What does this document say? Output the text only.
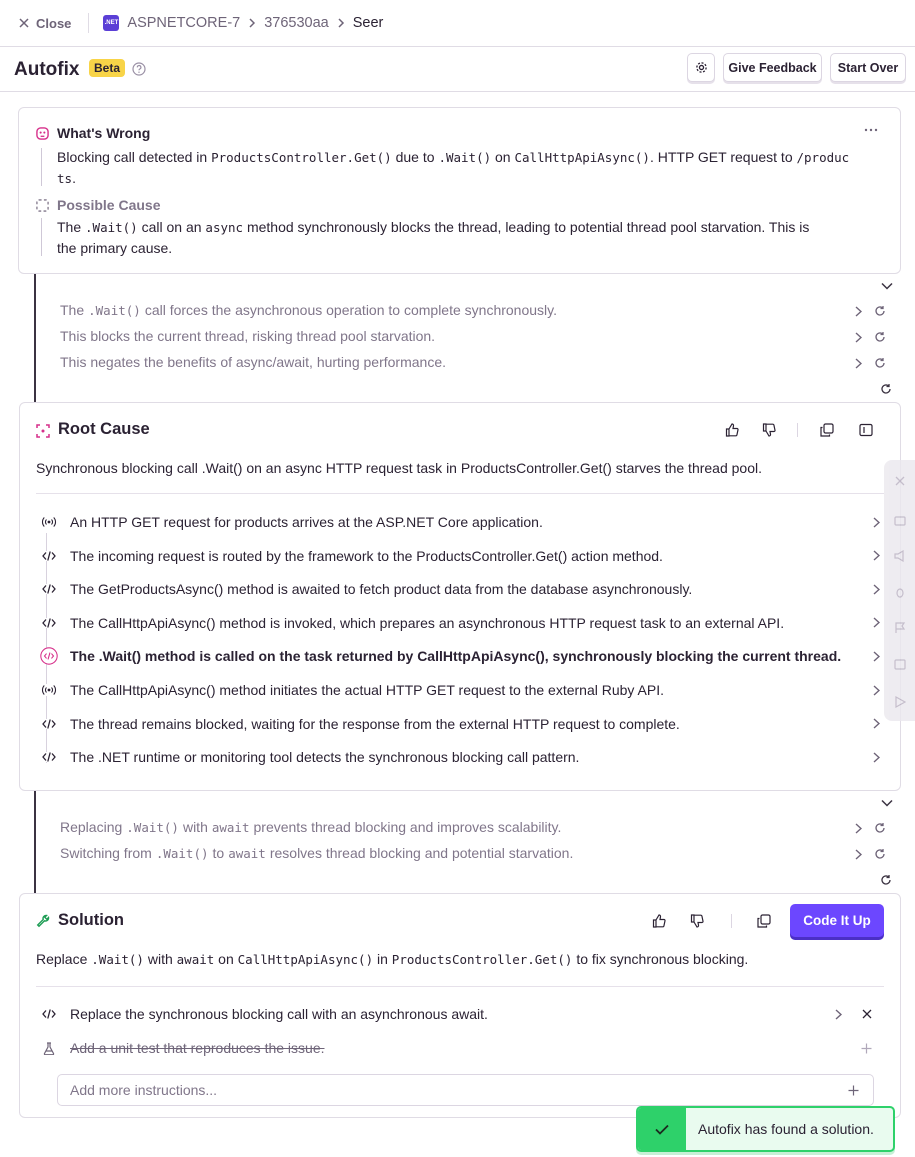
Close	.NET ASPNETCORE-7 376530aa Seer
Autofix	Beta	Give Feedback	Start Over
What's Wrong
Blocking call detected in ProductsController.Get() due to .Wait() on CallHttpApiAsync(). HTTP GET request to /produc
ts.
Possible Cause
The .Wait() call on an async method synchronously blocks the thread, leading to potential thread pool starvation. This is
the primary cause.
The .Wait() call forces the asynchronous operation to complete synchronously.
This blocks the current thread, risking thread pool starvation.
This negates the benefits of async/await, hurting performance.
Root Cause
Synchronous blocking call .Wait() on an async HTTP request task in ProductsController.Get() starves the thread pool.
An HTTP GET request for products arrives at the ASP.NET Core application.
The incoming request is routed by the framework to the ProductsController.Get() action method.
The GetProductsAsync() method is awaited to fetch product data from the database asynchronously.
The CallHttpApiAsync() method is invoked, which prepares an asynchronous HTTP request task to an external API.
The .Wait() method is called on the task returned by CallHttpApiAsync(), synchronously blocking the current thread.
The CallHttpApiAsync() method initiates the actual HTTP GET request to the external Ruby API.
The thread remains blocked, waiting for the response from the external HTTP request to complete.
The .NET runtime or monitoring tool detects the synchronous blocking call pattern.
Replacing .Wait() with await prevents thread blocking and improves scalability.
Switching from .Wait() to await resolves thread blocking and potential starvation.
Solution
Replace .Wait() with await on CallHttpApiAsync() in ProductsController.Get() to fix synchronous blocking.
Replace the synchronous blocking call with an asynchronous await.
Add a unit test that reproduces the issue.
Code It Up
Add more instructions...
Autofix has found a solution.
